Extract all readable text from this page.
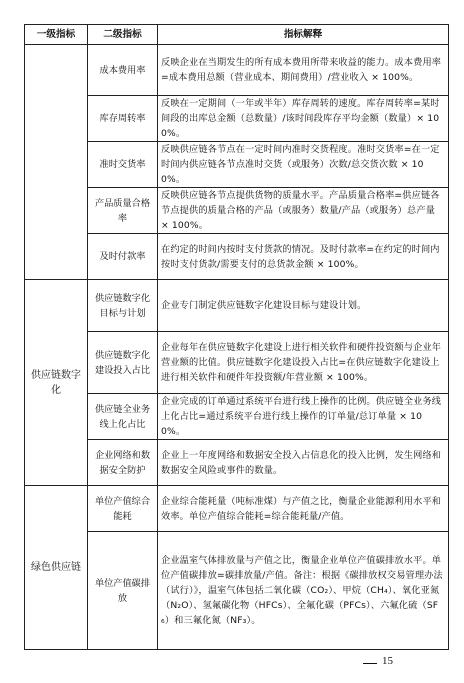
一级指标	二级指标	指标解释
	成本费用率	反映企业在当期发生的所有成本费用所带来收益的能力。成本费用率=成本费用总额（营业成本、期间费用）/营业收入 × 100%。
	库存周转率	反映在一定期间（一年或半年）库存周转的速度。库存周转率=某时间段的出库总金额（总数量）/该时间段库存平均金额（数量）× 100%。
	准时交货率	反映供应链各节点在一定时间内准时交货程度。准时交货率=在一定时间内供应链各节点准时交货（或服务）次数/总交货次数 × 100%。
	产品质量合格率	反映供应链各节点提供货物的质量水平。产品质量合格率=供应链各节点提供的质量合格的产品（或服务）数量/产品（或服务）总产量 × 100%。
	及时付款率	在约定的时间内按时支付货款的情况。及时付款率=在约定的时间内按时支付货款/需要支付的总货款金额 × 100%。
供应链数字化	供应链数字化目标与计划	企业专门制定供应链数字化建设目标与建设计划。
	供应链数字化建设投入占比	企业每年在供应链数字化建设上进行相关软件和硬件投资额与企业年营业额的比值。供应链数字化建设投入占比=在供应链数字化建设上进行相关软件和硬件年投资额/年营业额 × 100%。
	供应链全业务线上化占比	企业完成的订单通过系统平台进行线上操作的比例。供应链全业务线上化占比=通过系统平台进行线上操作的订单量/总订单量 × 100%。
	企业网络和数据安全防护	企业上一年度网络和数据安全投入占信息化的投入比例，发生网络和数据安全风险或事件的数量。
绿色供应链	单位产值综合能耗	企业综合能耗量（吨标准煤）与产值之比，衡量企业能源利用水平和效率。单位产值综合能耗=综合能耗量/产值。
	单位产值碳排放	企业温室气体排放量与产值之比，衡量企业单位产值碳排放水平。单位产值碳排放=碳排放量/产值。备注：根据《碳排放权交易管理办法（试行）》，温室气体包括二氧化碳（CO₂）、甲烷（CH₄）、氧化亚氮（N₂O）、氢氟碳化物（HFCs）、全氟化碳（PFCs）、六氟化硫（SF₆）和三氟化氮（NF₃）。
15
